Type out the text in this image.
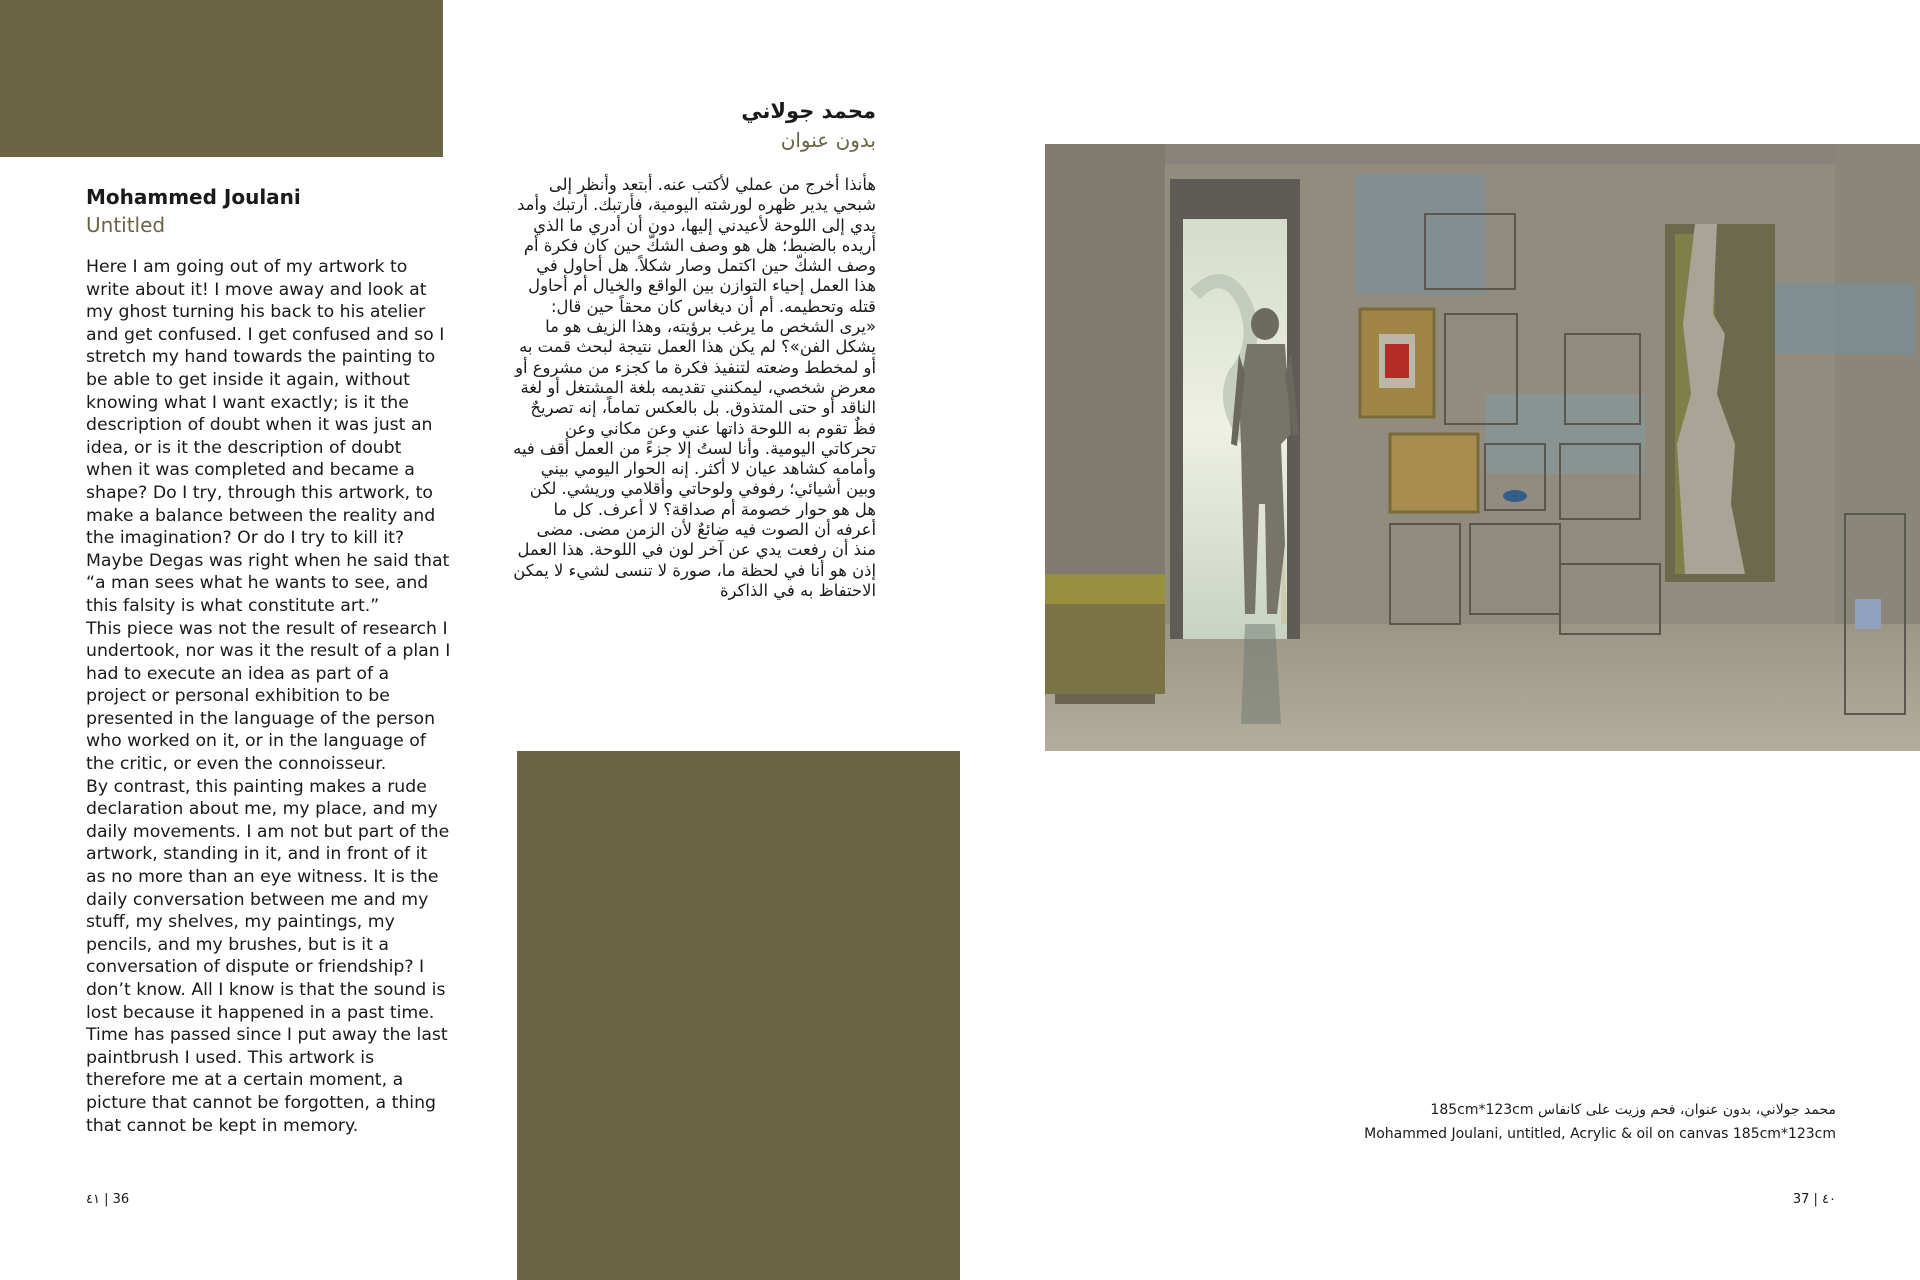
Mohammed Joulani
Untitled

Here I am going out of my artwork to write about it! I move away and look at my ghost turning his back to his atelier and get confused. I get confused and so I stretch my hand towards the painting to be able to get inside it again, without knowing what I want exactly; is it the description of doubt when it was just an idea, or is it the description of doubt when it was completed and became a shape? Do I try, through this artwork, to make a balance between the reality and the imagination? Or do I try to kill it? Maybe Degas was right when he said that “a man sees what he wants to see, and this falsity is what constitute art.”

This piece was not the result of research I undertook, nor was it the result of a plan I had to execute an idea as part of a project or personal exhibition to be presented in the language of the person who worked on it, or in the language of the critic, or even the connoisseur.

By contrast, this painting makes a rude declaration about me, my place, and my daily movements. I am not but part of the artwork, standing in it, and in front of it as no more than an eye witness. It is the daily conversation between me and my stuff, my shelves, my paintings, my pencils, and my brushes, but is it a conversation of dispute or friendship? I don’t know. All I know is that the sound is lost because it happened in a past time. Time has passed since I put away the last paintbrush I used. This artwork is therefore me at a certain moment, a picture that cannot be forgotten, a thing that cannot be kept in memory.

محمد جولاني
بدون عنوان
هأنذا أخرج من عملي لأكتب عنه. أبتعد وأنظر إلى شبحي يدير ظهره لورشته اليومية، فأرتبك. أرتبك وأمد يدي إلى اللوحة لأعيدني إليها، دون أن أدري ما الذي أريده بالضبط؛ هل هو وصف الشكّ حين كان فكرة أم وصف الشكّ حين اكتمل وصار شكلاً. هل أحاول في هذا العمل إحياء التوازن بين الواقع والخيال أم أحاول قتله وتحطيمه. أم أن ديغاس كان محقاً حين قال: «يرى الشخص ما يرغب برؤيته، وهذا الزيف هو ما يشكل الفن»؟ لم يكن هذا العمل نتيجة لبحث قمت به أو لمخطط وضعته لتنفيذ فكرة ما كجزء من مشروع أو معرض شخصي، ليمكنني تقديمه بلغة المشتغل أو لغة الناقد أو حتى المتذوق. بل بالعكس تماماً، إنه تصريحٌ فظٌ تقوم به اللوحة ذاتها عني وعن مكاني وعن تحركاتي اليومية. وأنا لستُ إلا جزءً من العمل أقف فيه وأمامه كشاهد عيان لا أكثر. إنه الحوار اليومي بيني وبين أشيائي؛ رفوفي ولوحاتي وأقلامي وريشي. لكن هل هو حوار خصومة أم صداقة؟ لا أعرف. كل ما أعرفه أن الصوت فيه ضائعٌ لأن الزمن مضى. مضى منذ أن رفعت يدي عن آخر لون في اللوحة. هذا العمل إذن هو أنا في لحظة ما، صورة لا تنسى لشيء لا يمكن الاحتفاظ به في الذاكرة
محمد جولاني، بدون عنوان، فحم وزيت على كانفاس 185cm*123cm
Mohammed Joulani, untitled, Acrylic & oil on canvas 185cm*123cm
٤١ | 36	37 | ٤٠
